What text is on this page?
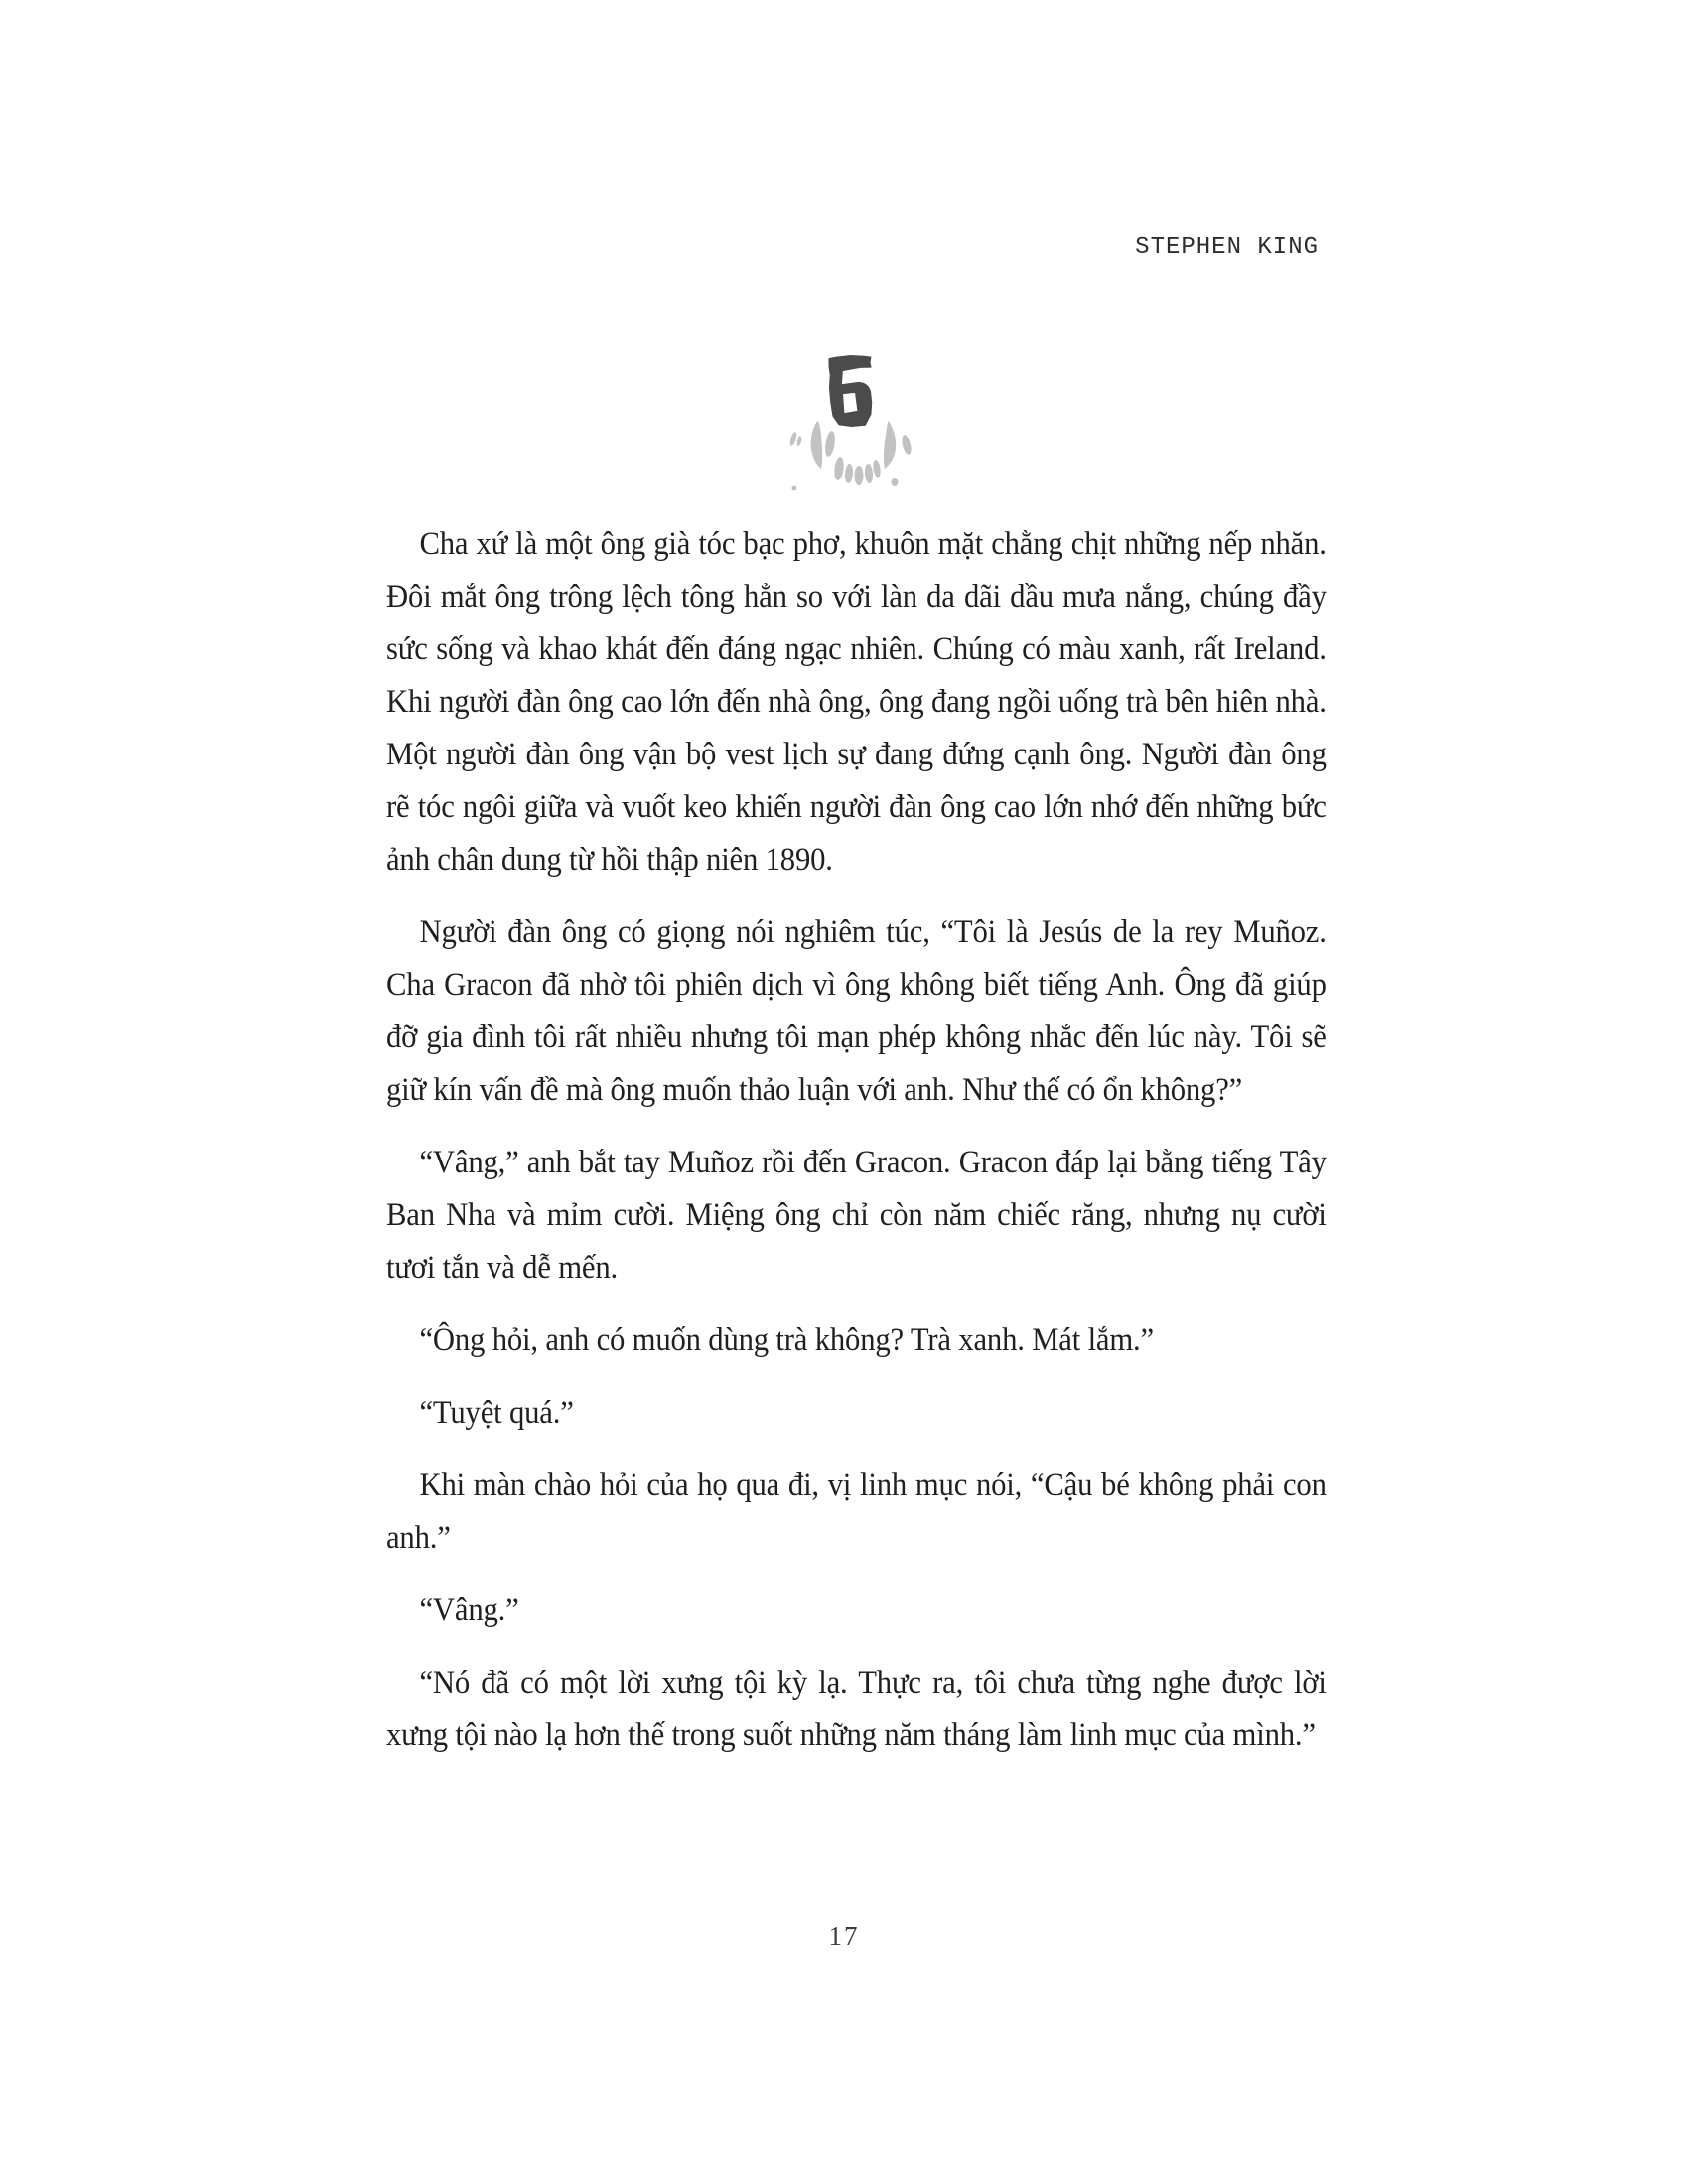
STEPHEN KING

Cha xứ là một ông già tóc bạc phơ, khuôn mặt chằng chịt những nếp nhăn. Đôi mắt ông trông lệch tông hẳn so với làn da dãi dầu mưa nắng, chúng đầy sức sống và khao khát đến đáng ngạc nhiên. Chúng có màu xanh, rất Ireland. Khi người đàn ông cao lớn đến nhà ông, ông đang ngồi uống trà bên hiên nhà. Một người đàn ông vận bộ vest lịch sự đang đứng cạnh ông. Người đàn ông rẽ tóc ngôi giữa và vuốt keo khiến người đàn ông cao lớn nhớ đến những bức ảnh chân dung từ hồi thập niên 1890.

Người đàn ông có giọng nói nghiêm túc, “Tôi là Jesús de la rey Muñoz. Cha Gracon đã nhờ tôi phiên dịch vì ông không biết tiếng Anh. Ông đã giúp đỡ gia đình tôi rất nhiều nhưng tôi mạn phép không nhắc đến lúc này. Tôi sẽ giữ kín vấn đề mà ông muốn thảo luận với anh. Như thế có ổn không?”

“Vâng,” anh bắt tay Muñoz rồi đến Gracon. Gracon đáp lại bằng tiếng Tây Ban Nha và mỉm cười. Miệng ông chỉ còn năm chiếc răng, nhưng nụ cười tươi tắn và dễ mến.

“Ông hỏi, anh có muốn dùng trà không? Trà xanh. Mát lắm.”

“Tuyệt quá.”

Khi màn chào hỏi của họ qua đi, vị linh mục nói, “Cậu bé không phải con anh.”

“Vâng.”

“Nó đã có một lời xưng tội kỳ lạ. Thực ra, tôi chưa từng nghe được lời xưng tội nào lạ hơn thế trong suốt những năm tháng làm linh mục của mình.”

17
